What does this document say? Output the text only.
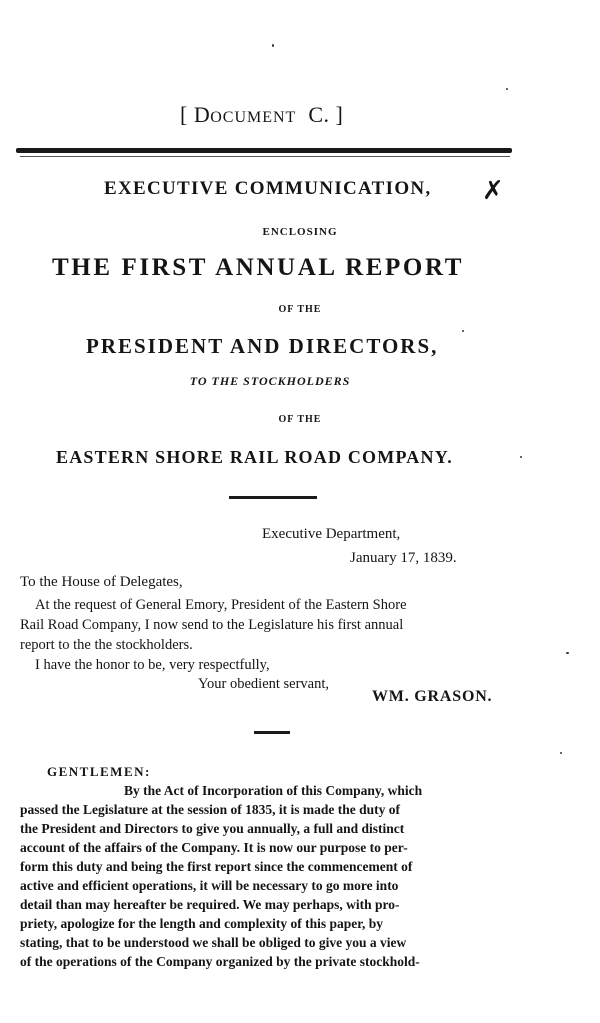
[ DOCUMENT C. ]
EXECUTIVE COMMUNICATION, ✗
ENCLOSING
THE FIRST ANNUAL REPORT
OF THE
PRESIDENT AND DIRECTORS,
TO THE STOCKHOLDERS
OF THE
EASTERN SHORE RAIL ROAD COMPANY.
Executive Department,
January 17, 1839.
To the House of Delegates,
At the request of General Emory, President of the Eastern Shore
Rail Road Company, I now send to the Legislature his first annual
report to the the stockholders.
I have the honor to be, very respectfully,
Your obedient servant,
WM. GRASON.
GENTLEMEN:
By the Act of Incorporation of this Company, which
passed the Legislature at the session of 1835, it is made the duty of
the President and Directors to give you annually, a full and distinct
account of the affairs of the Company. It is now our purpose to per-
form this duty and being the first report since the commencement of
active and efficient operations, it will be necessary to go more into
detail than may hereafter be required. We may perhaps, with pro-
priety, apologize for the length and complexity of this paper, by
stating, that to be understood we shall be obliged to give you a view
of the operations of the Company organized by the private stockhold-
